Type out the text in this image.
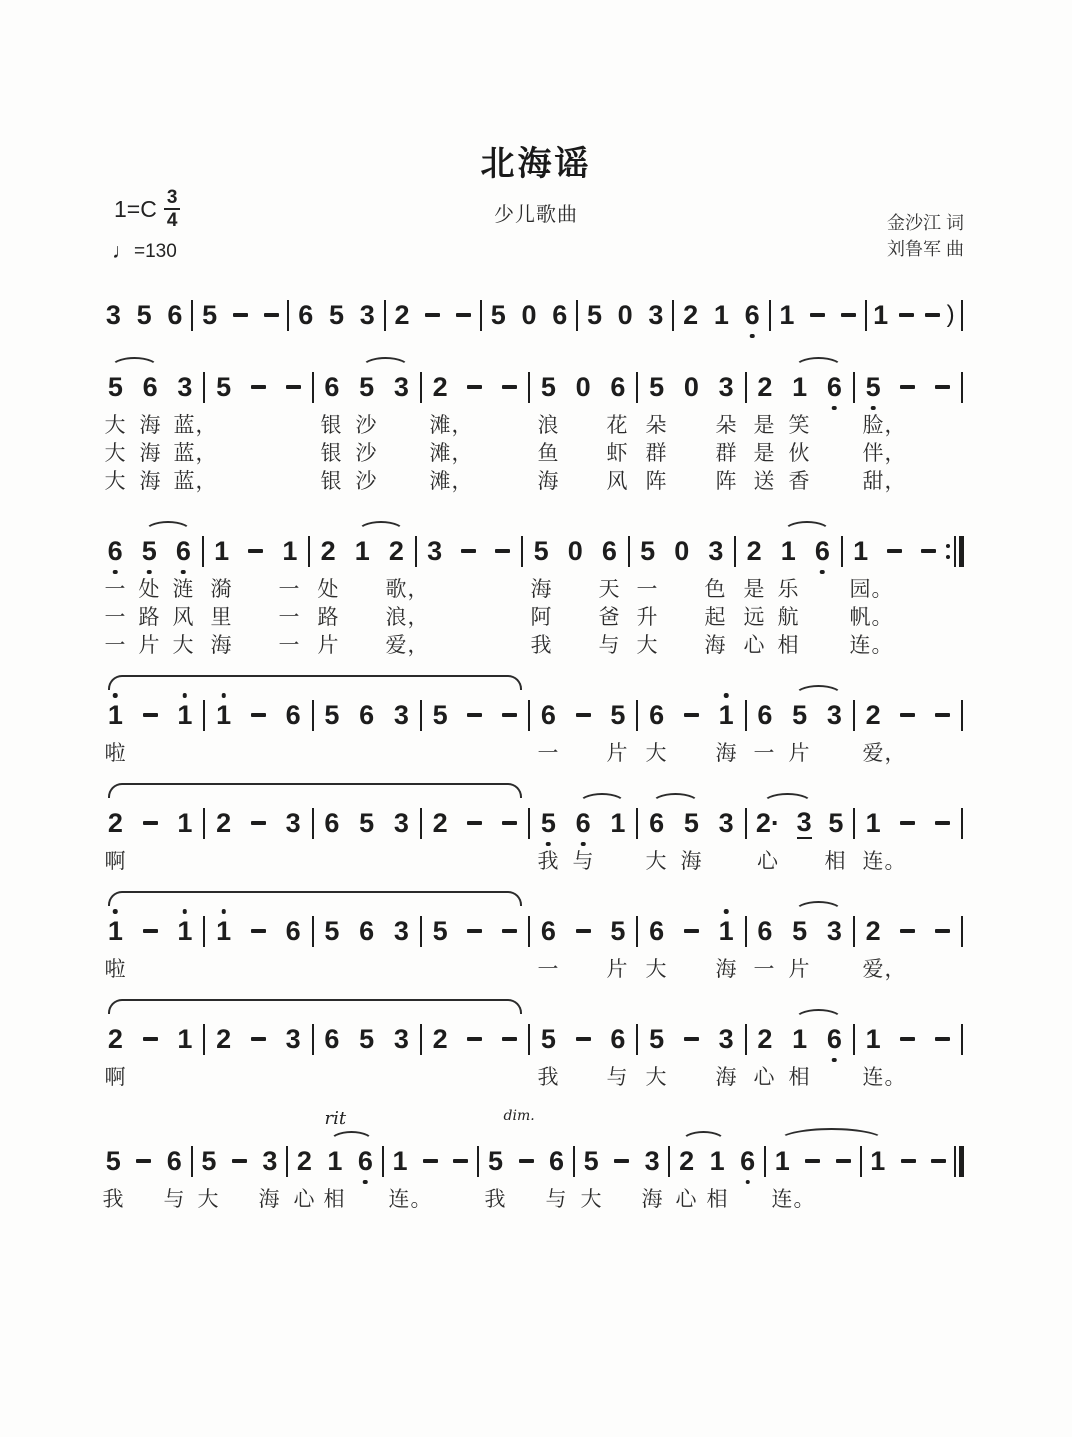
北海谣
少儿歌曲
$1=C \frac{3}{4}$
♩ =130
金沙江 词
刘鲁军 曲
3 5 6 5	6 5 3 2	5 0 6 5 0 3 2 1 6 1	1 )
5 6 3 5	6 5 3 2	5 0 6 5 0 3 2 1 6 5
大 海 蓝，	银 沙 滩，	浪 花 朵 朵 是 笑 脸，
大 海 蓝，	银 沙 滩，	鱼 虾 群 群 是 伙 伴，
大 海 蓝，	银 沙 滩，	海 风 阵 阵 送 香 甜，
6 5 6 1 1 2 1 2 3	5 0 6 5 0 3 2 1 6 1
一 处 涟 漪 一 处 歌，	海 天 一 色 是 乐 园。
一 路 风 里 一 路 浪，	阿 爸 升 起 远 航 帆。
一 片 大 海 一 片 爱，	我 与 大 海 心 相 连。
1 1 1 6 5 6 3 5	6 5 6 1 6 5 3 2
啦	一 片 大 海 一 片 爱，
2 1 2 3 6 5 3 2	5 6 1 6 5 3 2· 3 5 1
啊	我 与 大 海	心 相 连。
1 1 1 6 5 6 3 5	6 5 6 1 6 5 3 2
啦	一 片 大 海 一 片 爱，
2 1 2 3 6 5 3 2	5 6 5 3 2 1 6 1
啊	我 与 大 海 心 相 连。
5 6 5 3 2 1 6 1	5 6 5 3 2 1 6 1	1
rit	dim.
我 与 大 海 心 相 连。 我 与 大 海 心 相 连。
